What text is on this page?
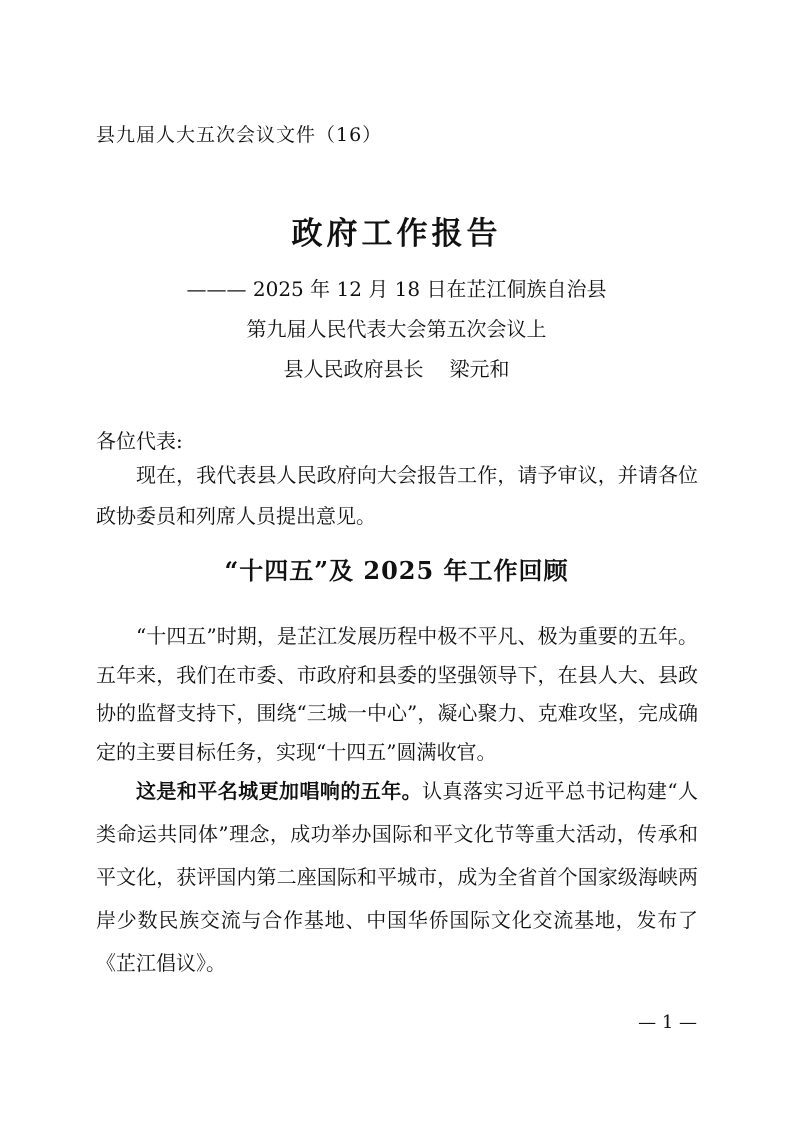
县九届人大五次会议文件（16）
政府工作报告
——— 2025 年 12 月 18 日在芷江侗族自治县
第九届人民代表大会第五次会议上
县人民政府县长 梁元和
各位代表:

现在，我代表县人民政府向大会报告工作，请予审议，并请各位政协委员和列席人员提出意见。

“十四五”及 2025 年工作回顾

“十四五”时期，是芷江发展历程中极不平凡、极为重要的五年。五年来，我们在市委、市政府和县委的坚强领导下，在县人大、县政协的监督支持下，围绕“三城一中心”，凝心聚力、克难攻坚，完成确定的主要目标任务，实现“十四五”圆满收官。

这是和平名城更加唱响的五年。认真落实习近平总书记构建“人类命运共同体”理念，成功举办国际和平文化节等重大活动，传承和平文化，获评国内第二座国际和平城市，成为全省首个国家级海峡两岸少数民族交流与合作基地、中国华侨国际文化交流基地，发布了《芷江倡议》。

— 1 —
